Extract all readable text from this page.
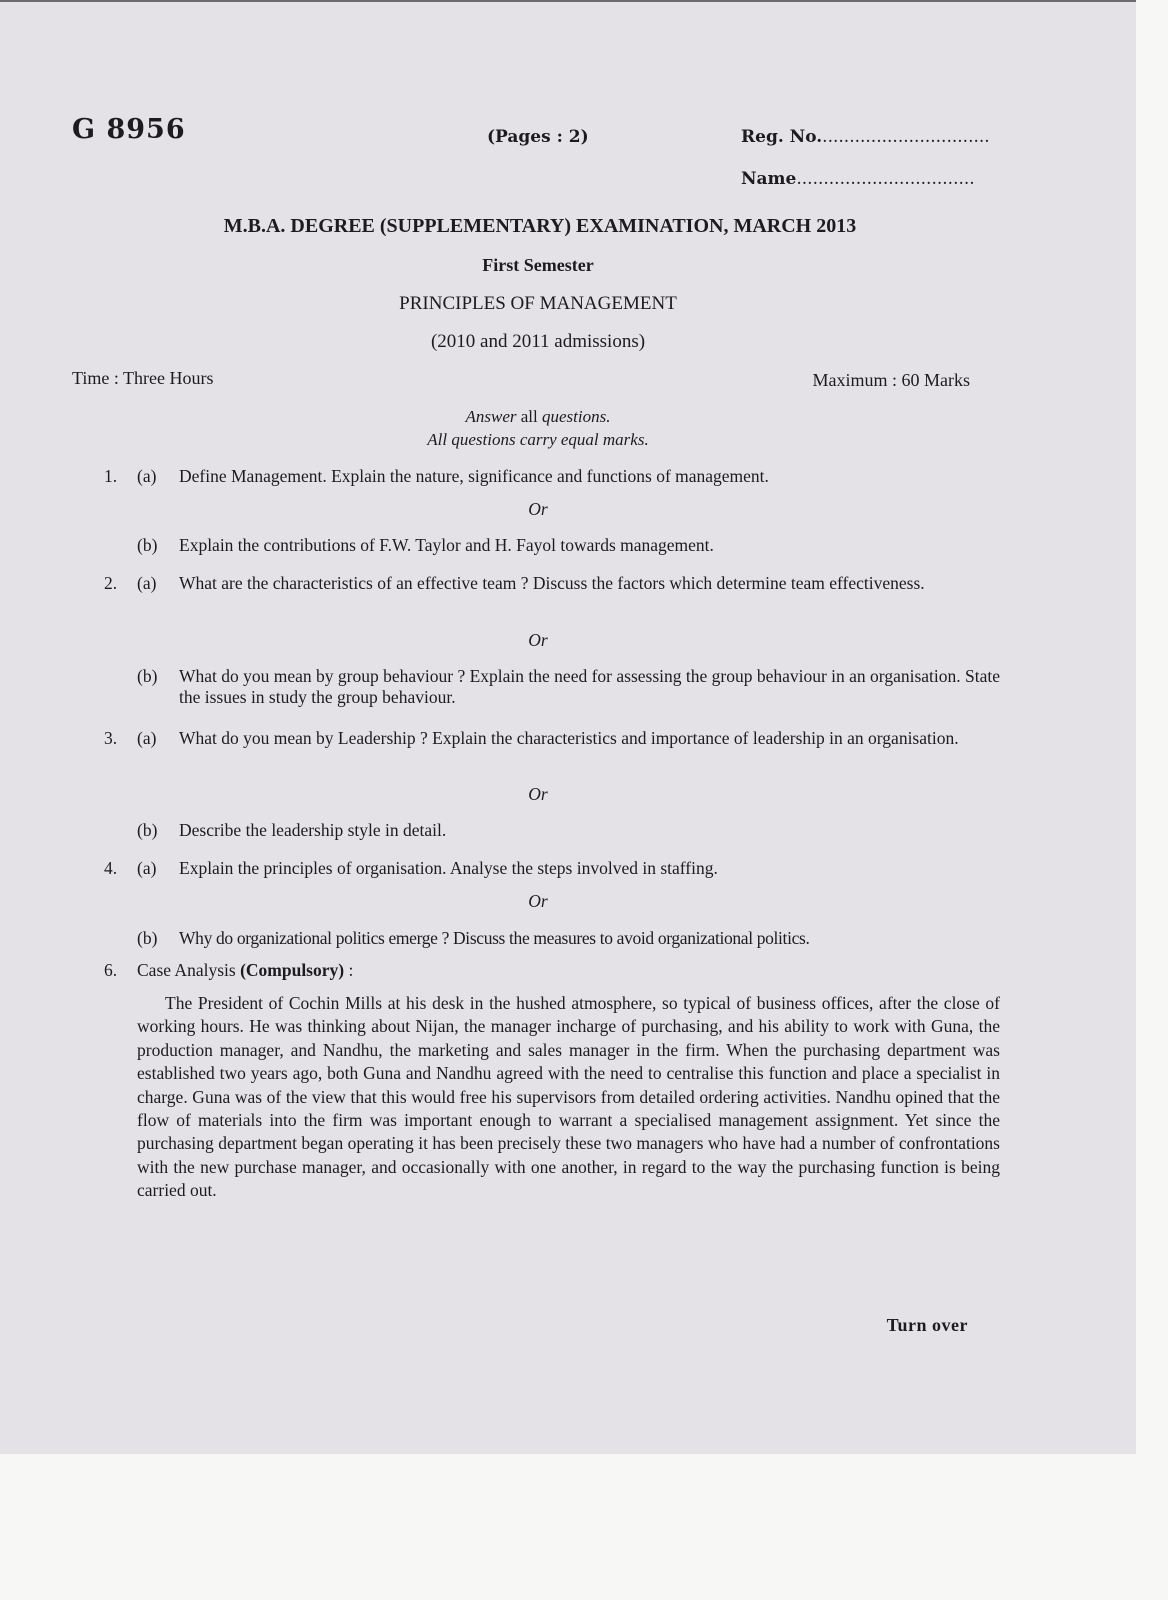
G 8956	(Pages : 2)	Reg. No................................
Name.................................
M.B.A. DEGREE (SUPPLEMENTARY) EXAMINATION, MARCH 2013
First Semester
PRINCIPLES OF MANAGEMENT
(2010 and 2011 admissions)
Time : Three Hours	Maximum : 60 Marks
Answer all questions.
All questions carry equal marks.
1. (a) Define Management. Explain the nature, significance and functions of management.
Or
(b) Explain the contributions of F.W. Taylor and H. Fayol towards management.
2. (a) What are the characteristics of an effective team ? Discuss the factors which determine team effectiveness.
Or
(b) What do you mean by group behaviour ? Explain the need for assessing the group behaviour in an organisation. State the issues in study the group behaviour.
3. (a) What do you mean by Leadership ? Explain the characteristics and importance of leadership in an organisation.
Or
(b) Describe the leadership style in detail.
4. (a) Explain the principles of organisation. Analyse the steps involved in staffing.
Or
(b) Why do organizational politics emerge ? Discuss the measures to avoid organizational politics.
6. Case Analysis (Compulsory) :
The President of Cochin Mills at his desk in the hushed atmosphere, so typical of business offices, after the close of working hours. He was thinking about Nijan, the manager incharge of purchasing, and his ability to work with Guna, the production manager, and Nandhu, the marketing and sales manager in the firm. When the purchasing department was established two years ago, both Guna and Nandhu agreed with the need to centralise this function and place a specialist in charge. Guna was of the view that this would free his supervisors from detailed ordering activities. Nandhu opined that the flow of materials into the firm was important enough to warrant a specialised management assignment. Yet since the purchasing department began operating it has been precisely these two managers who have had a number of confrontations with the new purchase manager, and occasionally with one another, in regard to the way the purchasing function is being carried out.
Turn over
